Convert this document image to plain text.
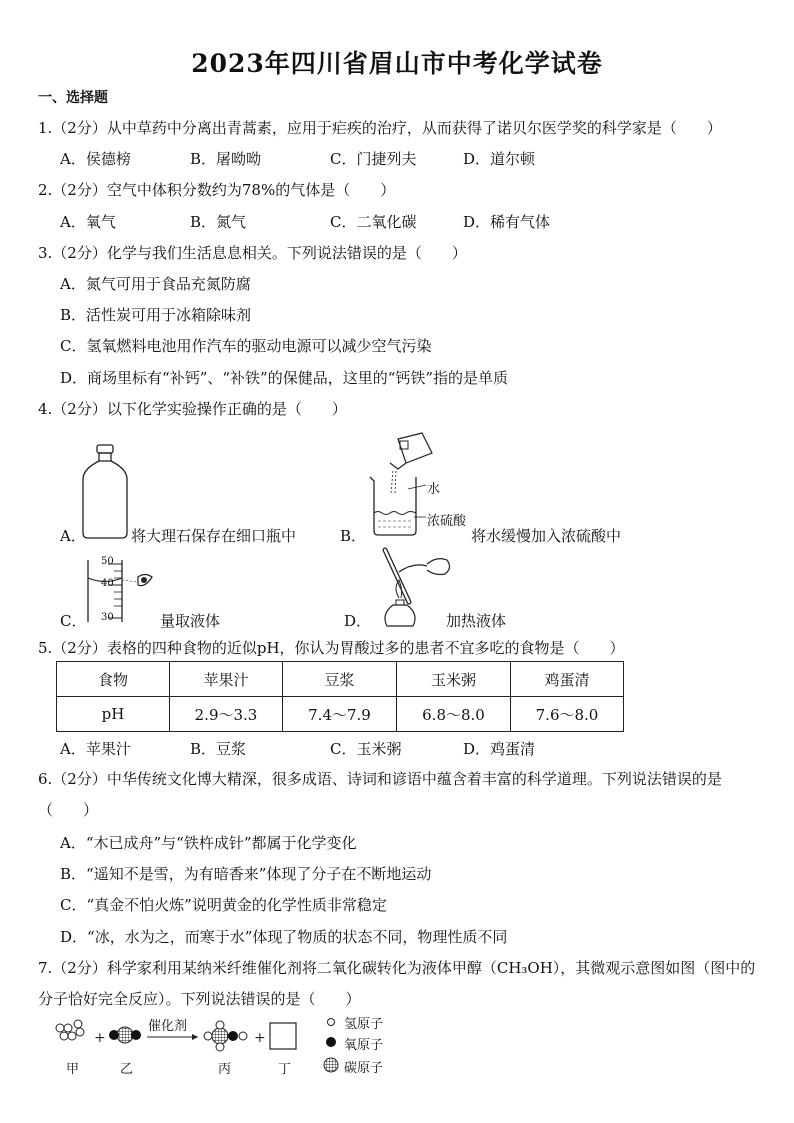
2023年四川省眉山市中考化学试卷
一、选择题
1.（2分）从中草药中分离出青蒿素，应用于疟疾的治疗，从而获得了诺贝尔医学奖的科学家是（　　）
A．侯德榜	B．屠呦呦	C．门捷列夫	D．道尔顿
2.（2分）空气中体积分数约为78%的气体是（　　）
A．氧气	B．氮气	C．二氧化碳	D．稀有气体
3.（2分）化学与我们生活息息相关。下列说法错误的是（　　）
A．氮气可用于食品充氮防腐
B．活性炭可用于冰箱除味剂
C．氢氧燃料电池用作汽车的驱动电源可以减少空气污染
D．商场里标有“补钙”、“补铁”的保健品，这里的“钙铁”指的是单质
4.（2分）以下化学实验操作正确的是（　　）
A．	将大理石保存在细口瓶中
水
浓硫酸
B．	将水缓慢加入浓硫酸中
50
40
30
C．	量取液体	D．	加热液体
5.（2分）表格的四种食物的近似pH，你认为胃酸过多的患者不宜多吃的食物是（　　）
食物	苹果汁	豆浆	玉米粥	鸡蛋清
pH	2.9～3.3	7.4～7.9	6.8～8.0	7.6～8.0
A．苹果汁	B．豆浆	C．玉米粥	D．鸡蛋清
6.（2分）中华传统文化博大精深，很多成语、诗词和谚语中蕴含着丰富的科学道理。下列说法错误的是（　　）
A．“木已成舟”与“铁杵成针”都属于化学变化
B．“遥知不是雪，为有暗香来”体现了分子在不断地运动
C．“真金不怕火炼”说明黄金的化学性质非常稳定
D．“冰，水为之，而寒于水”体现了物质的状态不同，物理性质不同
7.（2分）科学家利用某纳米纤维催化剂将二氧化碳转化为液体甲醇（CH₃OH），其微观示意图如图（图中的分子恰好完全反应）。下列说法错误的是（　　）
+	+
催化剂
甲	乙	丙	丁
氢原子
氧原子
碳原子
